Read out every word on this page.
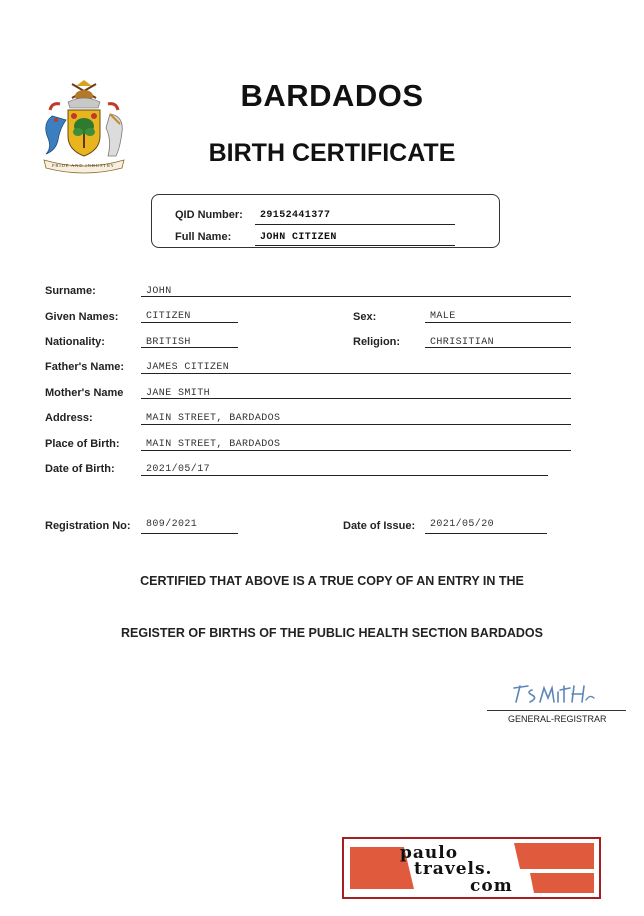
PRIDE AND INDUSTRY
BARDADOS
BIRTH CERTIFICATE
QID Number: 29152441377
Full Name:	JOHN CITIZEN
Surname:	JOHN
Given Names:	CITIZEN	Sex:	MALE
Nationality:	BRITISH	Religion:	CHRISITIAN
Father's Name: JAMES CITIZEN
Mother's Name JANE SMITH
Address:	MAIN STREET, BARDADOS
Place of Birth:	MAIN STREET, BARDADOS
Date of Birth:	2021/05/17
Registration No: 809/2021	Date of Issue: 2021/05/20
CERTIFIED THAT ABOVE IS A TRUE COPY OF AN ENTRY IN THE
REGISTER OF BIRTHS OF THE PUBLIC HEALTH SECTION BARDADOS
GENERAL-REGISTRAR
paulo
travels.
com
